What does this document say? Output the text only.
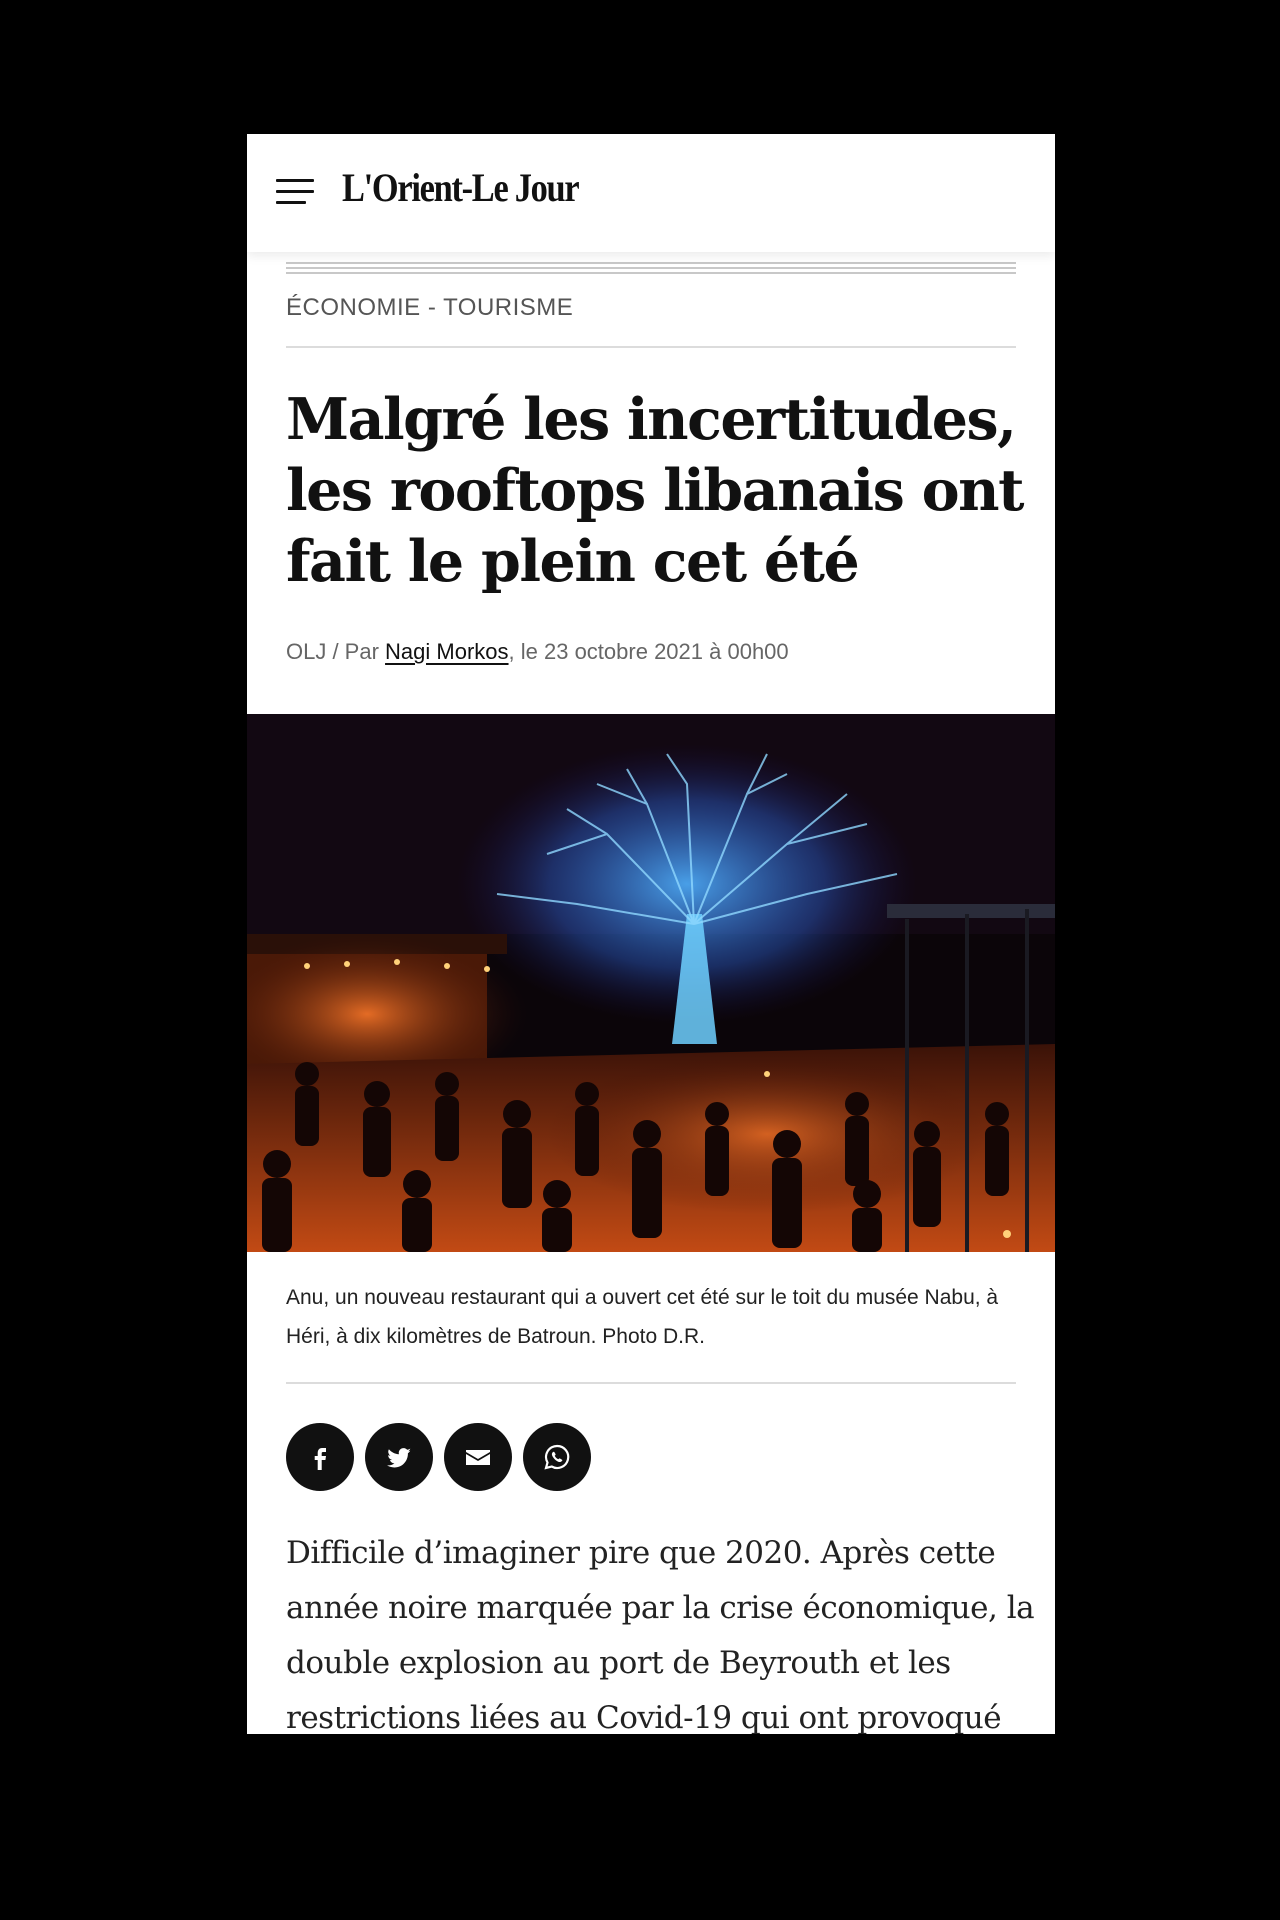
L'Orient-Le Jour
ÉCONOMIE - TOURISME
Malgré les incertitudes, les rooftops libanais ont fait le plein cet été
OLJ / Par Nagi Morkos, le 23 octobre 2021 à 00h00

Anu, un nouveau restaurant qui a ouvert cet été sur le toit du musée Nabu, à Héri, à dix kilomètres de Batroun. Photo D.R.

Difficile d’imaginer pire que 2020. Après cette année noire marquée par la crise économique, la double explosion au port de Beyrouth et les restrictions liées au Covid-19 qui ont provoqué
